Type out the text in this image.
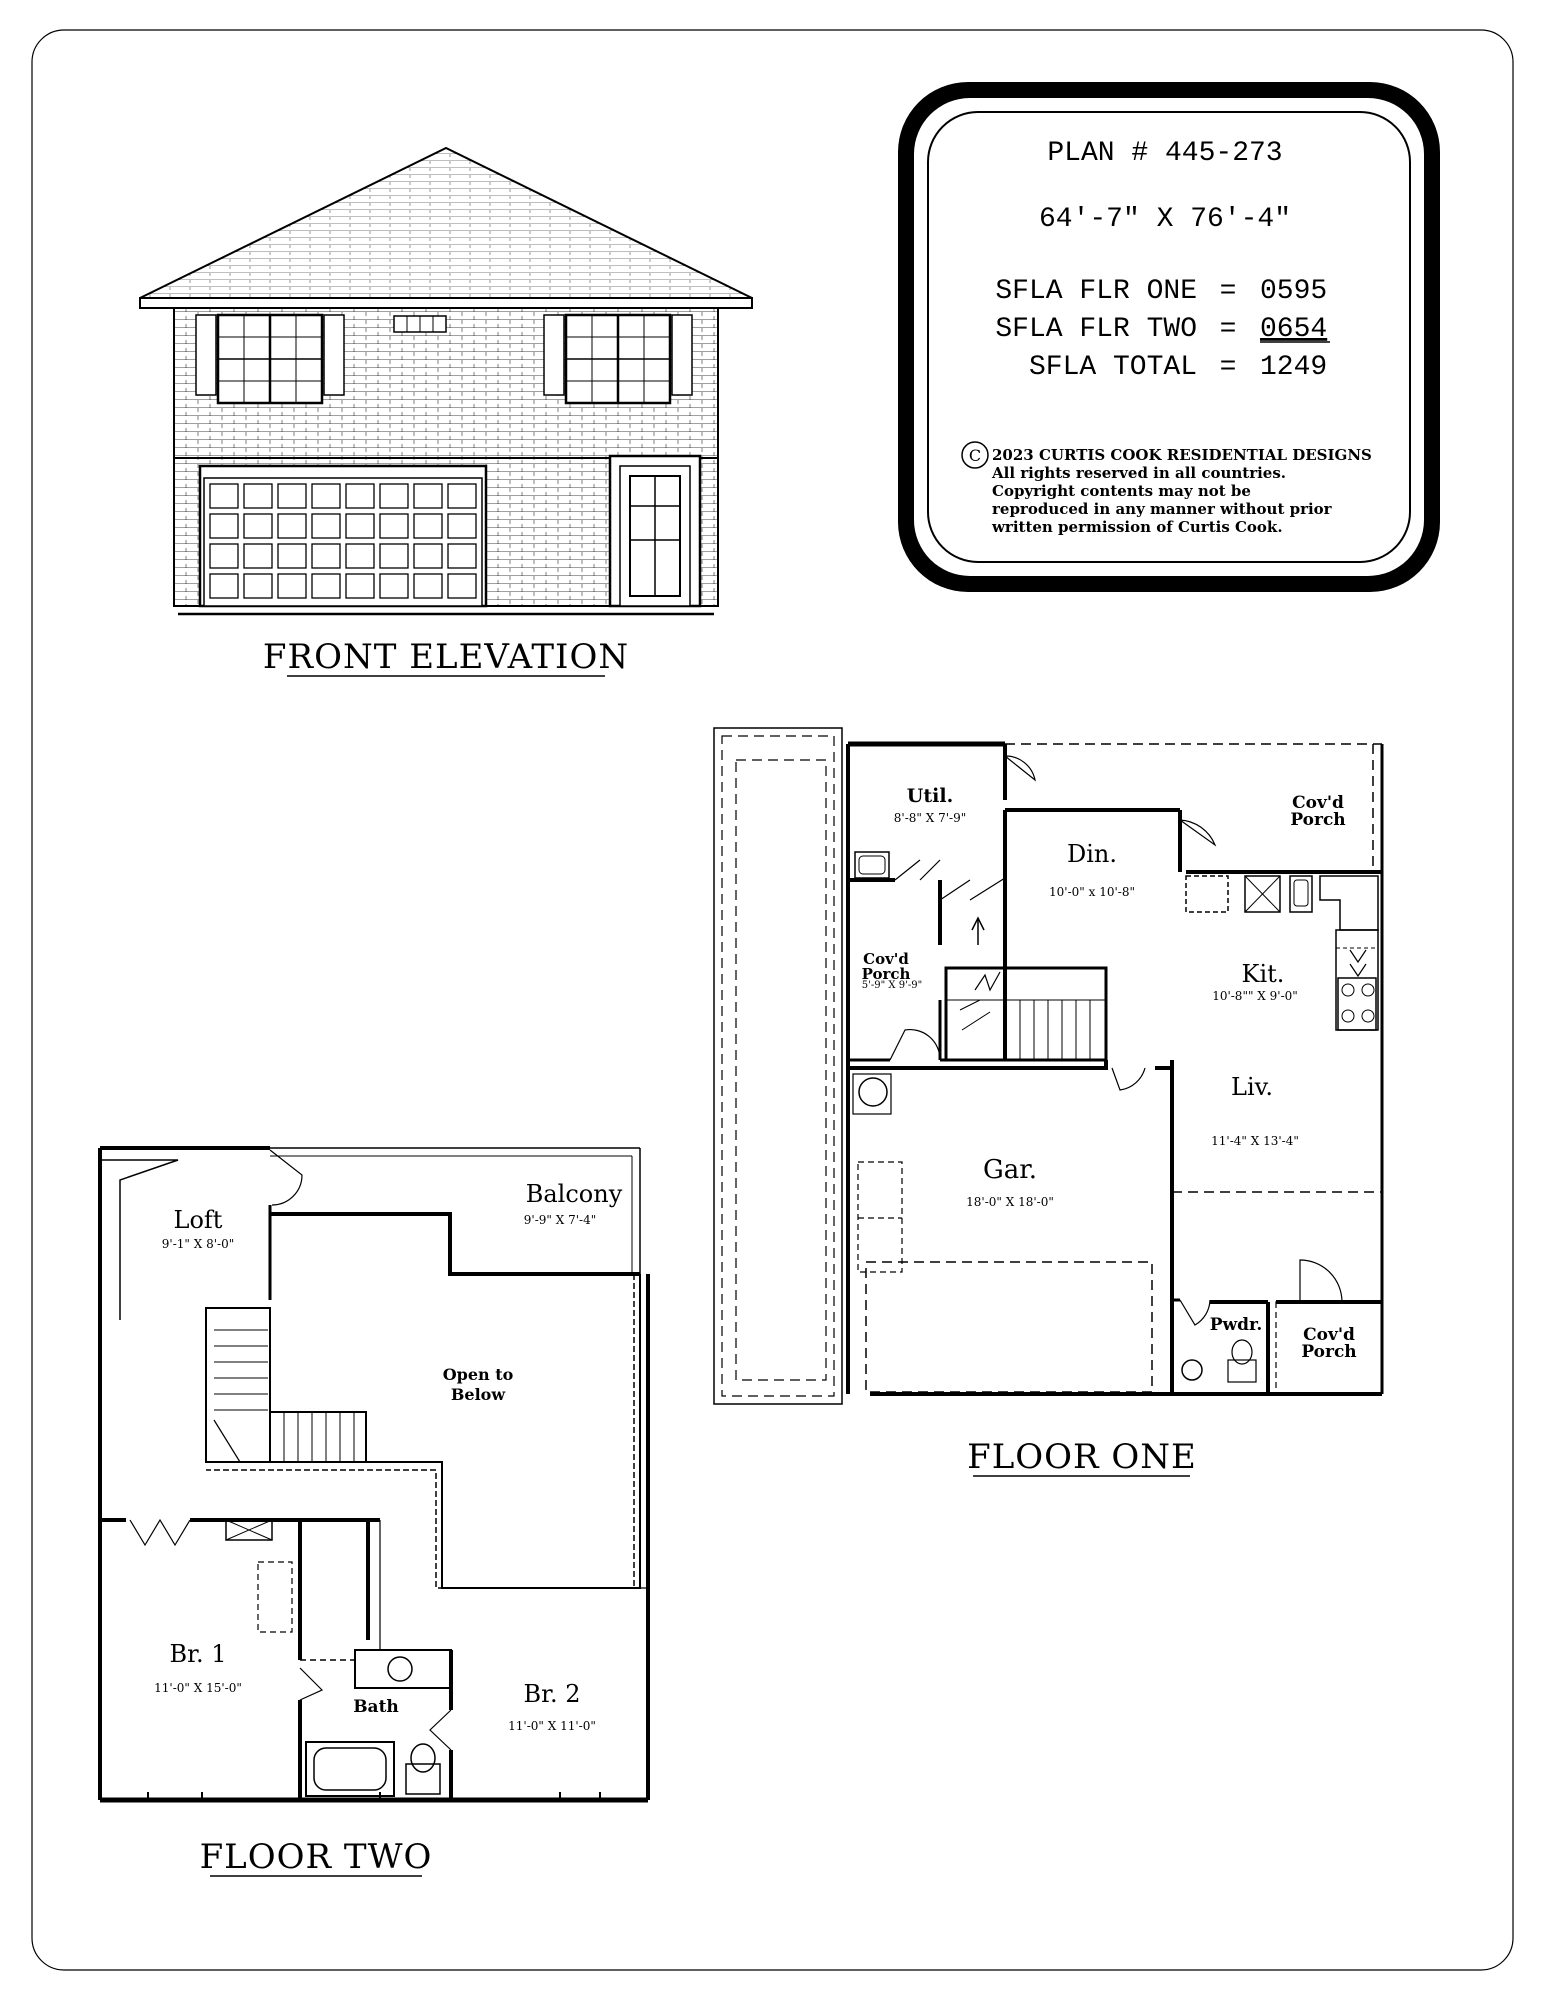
PLAN # 445-273
64'-7" X 76'-4"
SFLA FLR ONE = 0595
SFLA FLR TWO = 0654
SFLA TOTAL = 1249
C 2023 CURTIS COOK RESIDENTIAL DESIGNS
All rights reserved in all countries.
Copyright contents may not be
reproduced in any manner without prior
written permission of Curtis Cook.
FRONT ELEVATION
Util.
8'-8" X 7'-9"
Cov'd Porch
Din.
10'-0" x 10'-8"
Cov'd Porch
5'-9" X 9'-9"	Kit.
10'-8"" X 9'-0"
Liv.
11'-4" X 13'-4"
Gar.
18'-0" X 18'-0"
Pwdr. Cov'd Porch
FLOOR ONE
Loft
9'-1" X 8'-0"
Balcony
9'-9" X 7'-4"
Open to
Below
Br. 1
11'-0" X 15'-0"
Bath	Br. 2
11'-0" X 11'-0"
FLOOR TWO
